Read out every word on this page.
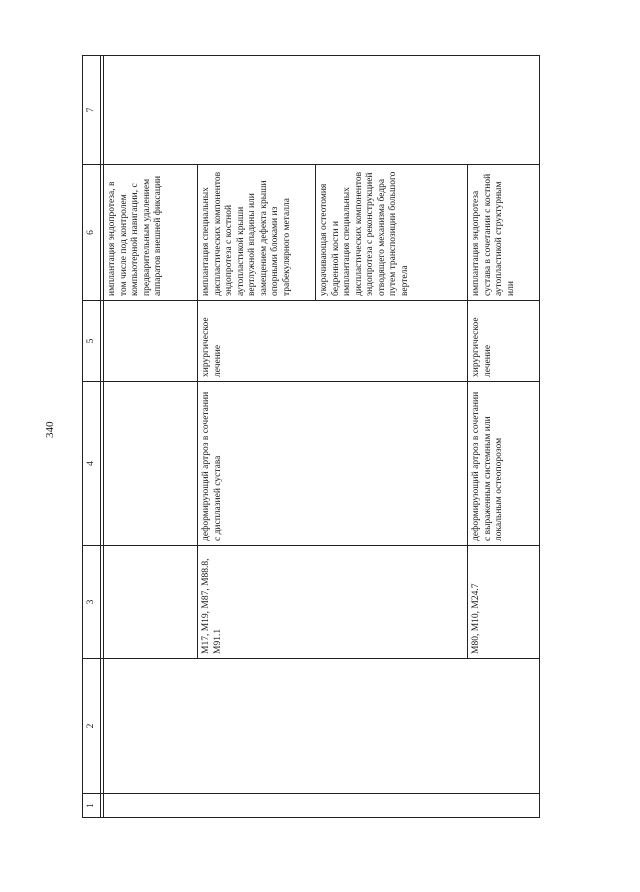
340
1	2	3	4	5	6	7

					имплантация эндопротеза, в том числе под контролем компьютерной навигации, с предварительным удалением аппаратов внешней фиксации	
		M17, M19, M87, M88.8, M91.1	деформирующий артроз в сочетании с дисплазией сустава	хирургическое лечение	имплантация специальных диспластических компонентов эндопротеза с костной аутопластикой крыши вертлужной впадины или замещением дефекта крыши опорными блоками из трабекулярного металла	
					укорачивающая остеотомия бедренной кости и имплантация специальных диспластических компонентов эндопротеза с реконструкцией отводящего механизма бедра путем транспозиции большого вертела	
		M80, M10, M24.7	деформирующий артроз в сочетании с выраженным системным или локальным остеопорозом	хирургическое лечение	имплантация эндопротеза сустава в сочетании с костной аутопластикой структурным или	
